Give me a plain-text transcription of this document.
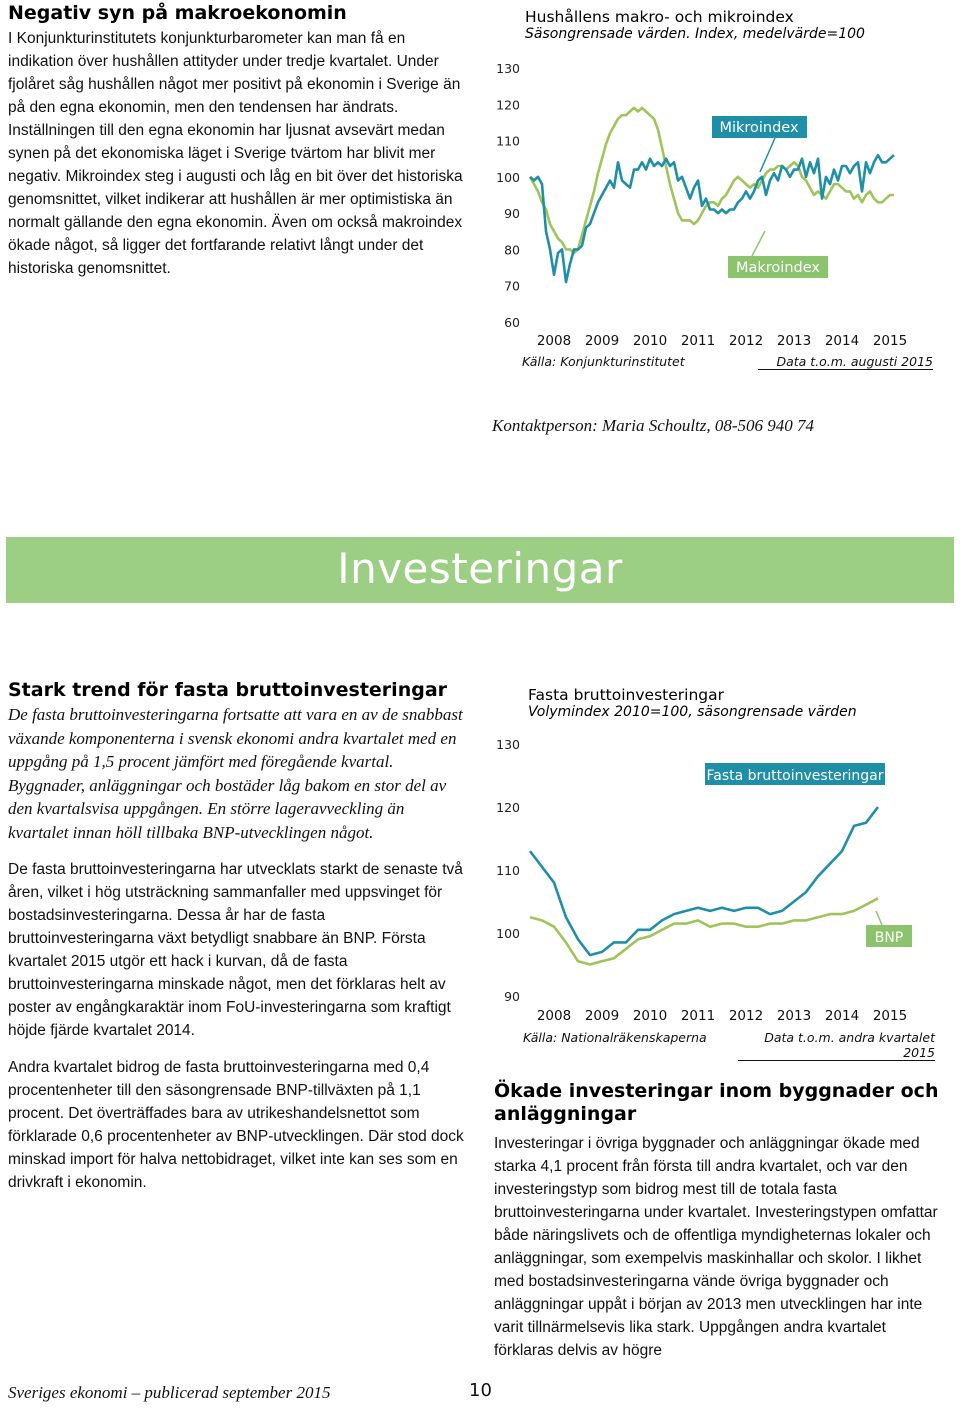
Negativ syn på makroekonomin

I Konjunkturinstitutets konjunkturbarometer kan man få en indikation över hushållen attityder under tredje kvartalet. Under fjolåret såg hushållen något mer positivt på ekonomin i Sverige än på den egna ekonomin, men den tendensen har ändrats. Inställningen till den egna ekonomin har ljusnat avsevärt medan synen på det ekonomiska läget i Sverige tvärtom har blivit mer negativ. Mikroindex steg i augusti och låg en bit över det historiska genomsnittet, vilket indikerar att hushållen är mer optimistiska än normalt gällande den egna ekonomin. Även om också makroindex ökade något, så ligger det fortfarande relativt långt under det historiska genomsnittet.

Hushållens makro- och mikroindex
Säsongrensade värden. Index, medelvärde=100
60
70
80
90
100
110
120
130
2008 2009 2010 2011 2012 2013 2014 2015
Mikroindex
Makroindex
Källa: Konjunkturinstitutet	Data t.o.m. augusti 2015
Kontaktperson: Maria Schoultz, 08-506 940 74
Investeringar
Stark trend för fasta bruttoinvesteringar

De fasta bruttoinvesteringarna fortsatte att vara en av de snabbast växande komponenterna i svensk ekonomi andra kvartalet med en uppgång på 1,5 procent jämfört med föregående kvartal. Byggnader, anläggningar och bostäder låg bakom en stor del av den kvartalsvisa uppgången. En större lageravveckling än kvartalet innan höll tillbaka BNP-utvecklingen något.

De fasta bruttoinvesteringarna har utvecklats starkt de senaste två åren, vilket i hög utsträckning sammanfaller med uppsvinget för bostadsinvesteringarna. Dessa år har de fasta bruttoinvesteringarna växt betydligt snabbare än BNP. Första kvartalet 2015 utgör ett hack i kurvan, då de fasta bruttoinvesteringarna minskade något, men det förklaras helt av poster av engångkaraktär inom FoU-investeringarna som kraftigt höjde fjärde kvartalet 2014.

Andra kvartalet bidrog de fasta bruttoinvesteringarna med 0,4 procentenheter till den säsongrensade BNP-tillväxten på 1,1 procent. Det överträffades bara av utrikeshandelsnettot som förklarade 0,6 procentenheter av BNP-utvecklingen. Där stod dock minskad import för halva nettobidraget, vilket inte kan ses som en drivkraft i ekonomin.

Fasta bruttoinvesteringar
Volymindex 2010=100, säsongrensade värden
90
100
110
120
130
2008 2009 2010 2011 2012 2013 2014 2015
Fasta bruttoinvesteringar
BNP
Källa: Nationalräkenskaperna	Data t.o.m. andra kvartalet 2015
Ökade investeringar inom byggnader och anläggningar

Investeringar i övriga byggnader och anläggningar ökade med starka 4,1 procent från första till andra kvartalet, och var den investeringstyp som bidrog mest till de totala fasta bruttoinvesteringarna under kvartalet. Investeringstypen omfattar både näringslivets och de offentliga myndigheternas lokaler och anläggningar, som exempelvis maskinhallar och skolor. I likhet med bostadsinvesteringarna vände övriga byggnader och anläggningar uppåt i början av 2013 men utvecklingen har inte varit tillnärmelsevis lika stark. Uppgången andra kvartalet förklaras delvis av högre

Sveriges ekonomi – publicerad september 2015	10
